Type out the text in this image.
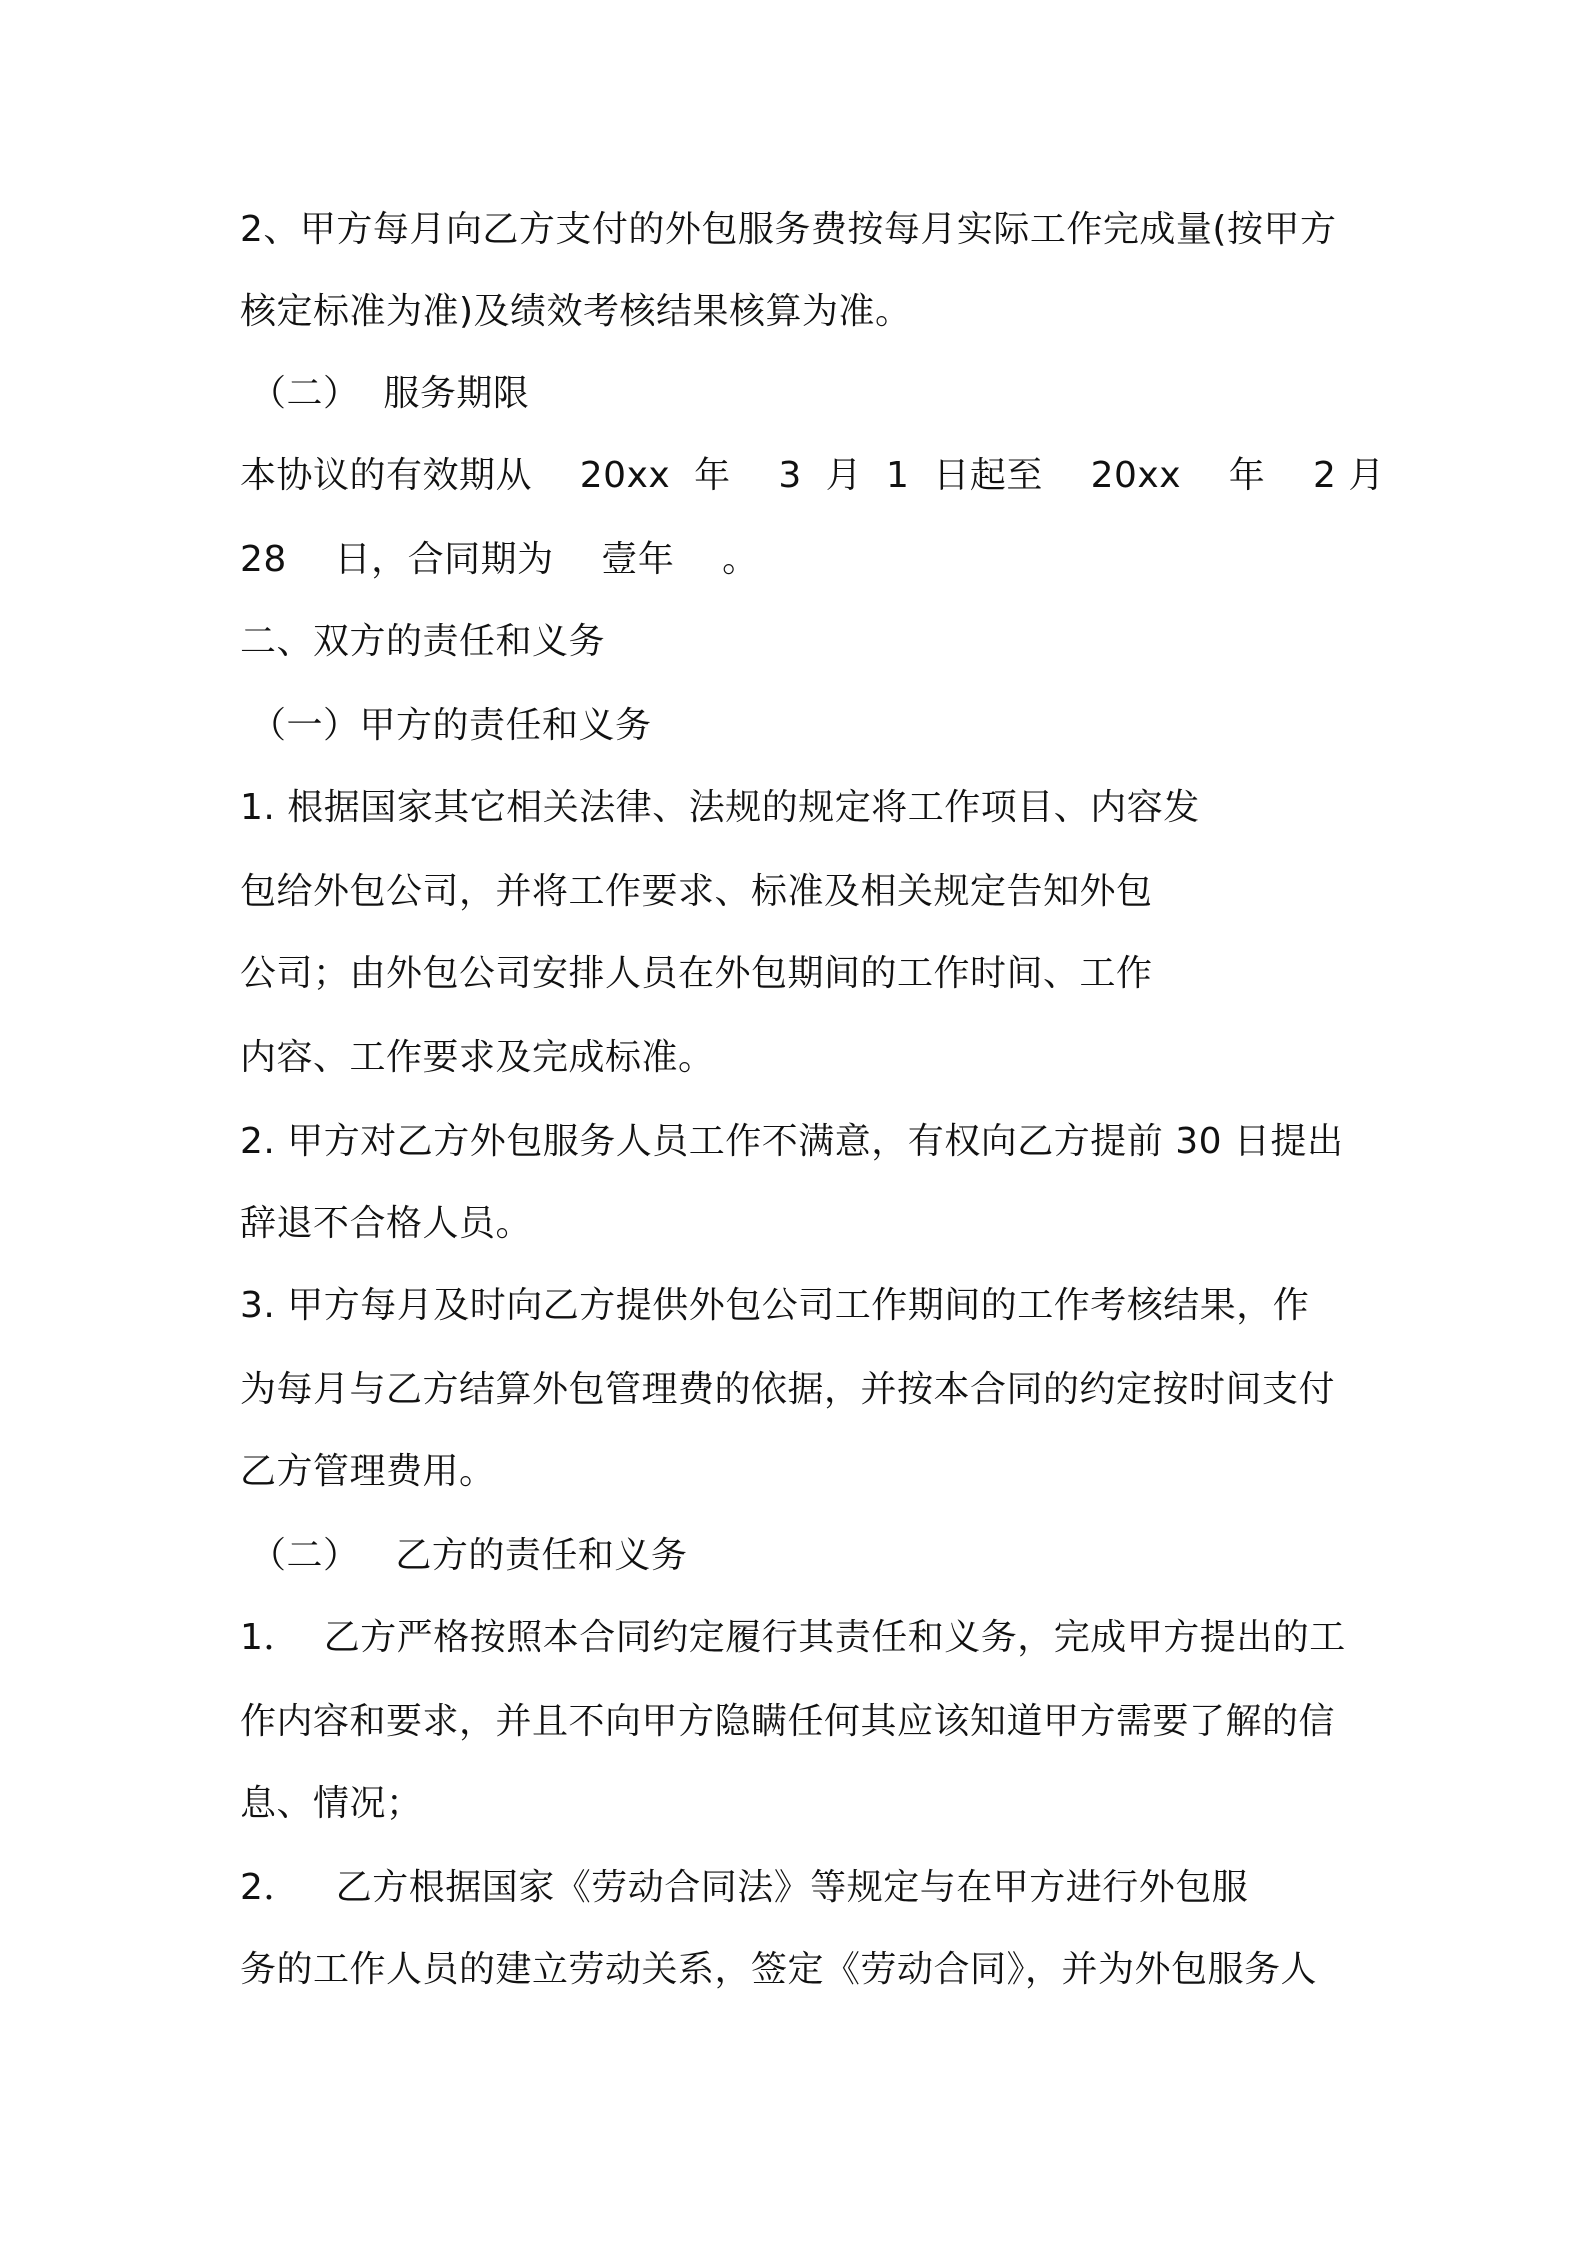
2、甲方每月向乙方支付的外包服务费按每月实际工作完成量(按甲方
核定标准为准)及绩效考核结果核算为准。
（二）  服务期限
本协议的有效期从    20xx  年    3  月  1  日起至    20xx    年    2 月
28    日，合同期为    壹年    。
二、双方的责任和义务
（一）甲方的责任和义务
1. 根据国家其它相关法律、法规的规定将工作项目、内容发
包给外包公司，并将工作要求、标准及相关规定告知外包
公司；由外包公司安排人员在外包期间的工作时间、工作
内容、工作要求及完成标准。
2. 甲方对乙方外包服务人员工作不满意，有权向乙方提前 30 日提出
辞退不合格人员。
3. 甲方每月及时向乙方提供外包公司工作期间的工作考核结果，作
为每月与乙方结算外包管理费的依据，并按本合同的约定按时间支付
乙方管理费用。
（二）   乙方的责任和义务
1．  乙方严格按照本合同约定履行其责任和义务，完成甲方提出的工
作内容和要求，并且不向甲方隐瞒任何其应该知道甲方需要了解的信
息、情况；
2．   乙方根据国家《劳动合同法》等规定与在甲方进行外包服
务的工作人员的建立劳动关系，签定《劳动合同》，并为外包服务人
